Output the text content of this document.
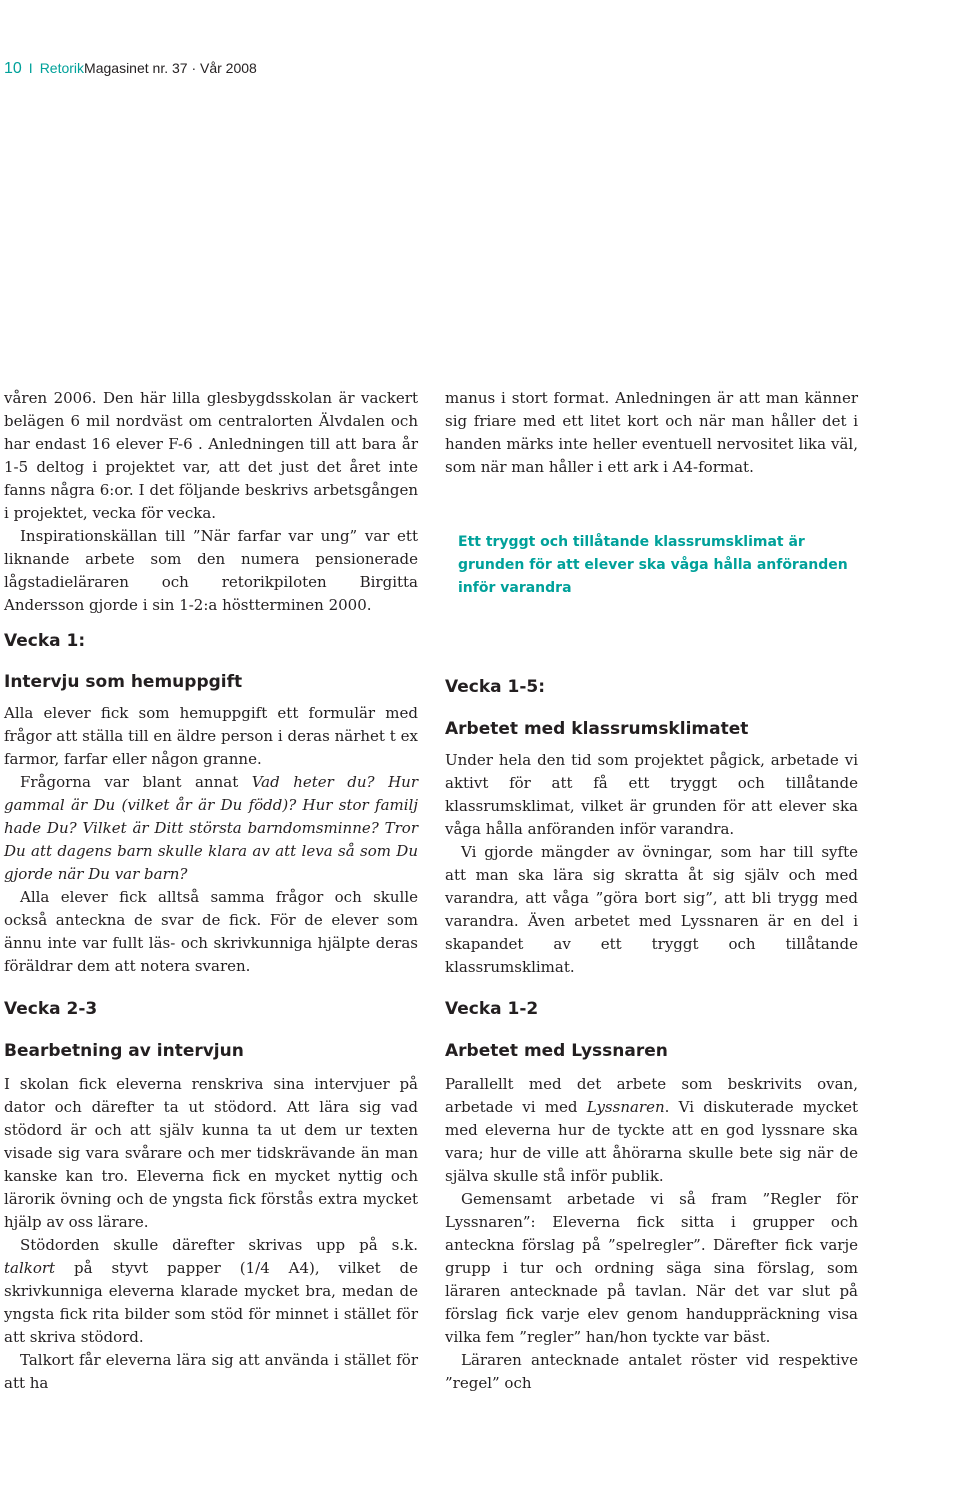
10 I RetorikMagasinet nr. 37 · Vår 2008

våren 2006. Den här lilla glesbygdsskolan är vackert belägen 6 mil nordväst om centralorten Älvdalen och har endast 16 elever F-6 . Anledningen till att bara år 1-5 deltog i projektet var, att det just det året inte fanns några 6:or. I det följande beskrivs arbetsgången i projektet, vecka för vecka.

Inspirationskällan till ”När farfar var ung” var ett liknande arbete som den numera pensionerade lågstadieläraren och retorikpiloten Birgitta Andersson gjorde i sin 1-2:a höstterminen 2000.

manus i stort format. Anledningen är att man känner sig friare med ett litet kort och när man håller det i handen märks inte heller eventuell nervositet lika väl, som när man håller i ett ark i A4-format.

Ett tryggt och tillåtande klassrumsklimat är grunden för att elever ska våga hålla anföranden inför varandra
Vecka 1:
Intervju som hemuppgift

Alla elever fick som hemuppgift ett formulär med frågor att ställa till en äldre person i deras närhet t ex farmor, farfar eller någon granne.

Frågorna var blant annat Vad heter du? Hur gammal är Du (vilket år är Du född)? Hur stor familj hade Du? Vilket är Ditt största barndomsminne? Tror Du att dagens barn skulle klara av att leva så som Du gjorde när Du var barn?

Alla elever fick alltså samma frågor och skulle också anteckna de svar de fick. För de elever som ännu inte var fullt läs- och skrivkunniga hjälpte deras föräldrar dem att notera svaren.

Vecka 1-5:
Arbetet med klassrumsklimatet

Under hela den tid som projektet pågick, arbetade vi aktivt för att få ett tryggt och tillåtande klassrumsklimat, vilket är grunden för att elever ska våga hålla anföranden inför varandra.

Vi gjorde mängder av övningar, som har till syfte att man ska lära sig skratta åt sig själv och med varandra, att våga ”göra bort sig”, att bli trygg med varandra. Även arbetet med Lyssnaren är en del i skapandet av ett tryggt och tillåtande klassrumsklimat.

Vecka 2-3
Bearbetning av intervjun

I skolan fick eleverna renskriva sina intervjuer på dator och därefter ta ut stödord. Att lära sig vad stödord är och att själv kunna ta ut dem ur texten visade sig vara svårare och mer tidskrävande än man kanske kan tro. Eleverna fick en mycket nyttig och lärorik övning och de yngsta fick förstås extra mycket hjälp av oss lärare.

Stödorden skulle därefter skrivas upp på s.k. talkort på styvt papper (1/4 A4), vilket de skrivkunniga eleverna klarade mycket bra, medan de yngsta fick rita bilder som stöd för minnet i stället för att skriva stödord.

Talkort får eleverna lära sig att använda i stället för att ha

Vecka 1-2
Arbetet med Lyssnaren

Parallellt med det arbete som beskrivits ovan, arbetade vi med Lyssnaren. Vi diskuterade mycket med eleverna hur de tyckte att en god lyssnare ska vara; hur de ville att åhörarna skulle bete sig när de själva skulle stå inför publik.

Gemensamt arbetade vi så fram ”Regler för Lyssnaren”: Eleverna fick sitta i grupper och anteckna förslag på ”spelregler”. Därefter fick varje grupp i tur och ordning säga sina förslag, som läraren antecknade på tavlan. När det var slut på förslag fick varje elev genom handuppräckning visa vilka fem ”regler” han/hon tyckte var bäst.

Läraren antecknade antalet röster vid respektive ”regel” och
